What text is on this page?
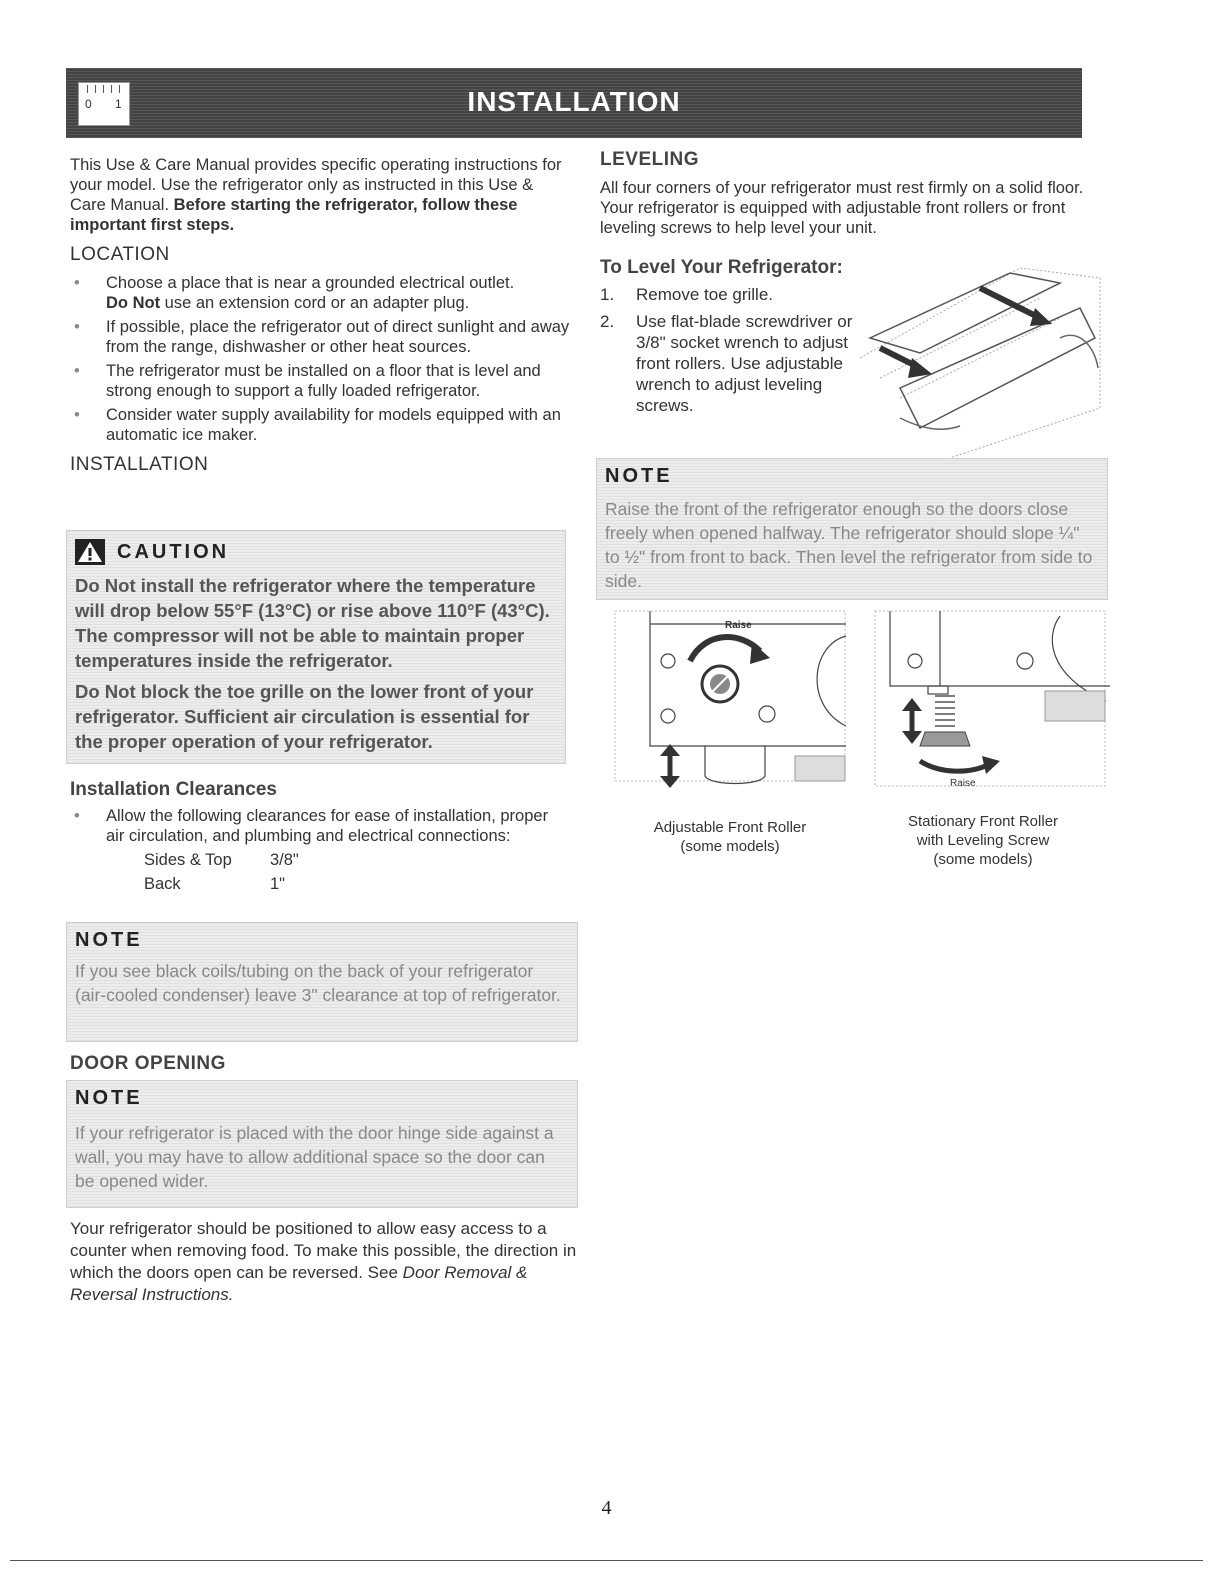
0 1	INSTALLATION

This Use & Care Manual provides specific operating instructions for your model. Use the refrigerator only as instructed in this Use & Care Manual. Before starting the refrigerator, follow these important first steps.

LOCATION
• Choose a place that is near a grounded electrical outlet.
Do Not use an extension cord or an adapter plug.
• If possible, place the refrigerator out of direct sunlight and away from the range, dishwasher or other heat sources.
• The refrigerator must be installed on a floor that is level and strong enough to support a fully loaded refrigerator.
• Consider water supply availability for models equipped with an automatic ice maker.
INSTALLATION
CAUTION
Do Not install the refrigerator where the temperature will drop below 55°F (13°C) or rise above 110°F (43°C). The compressor will not be able to maintain proper temperatures inside the refrigerator.
Do Not block the toe grille on the lower front of your refrigerator. Sufficient air circulation is essential for the proper operation of your refrigerator.
Installation Clearances
• Allow the following clearances for ease of installation, proper air circulation, and plumbing and electrical connections:
Sides & Top	3/8"
Back	1"
NOTE
If you see black coils/tubing on the back of your refrigerator (air-cooled condenser) leave 3" clearance at top of refrigerator.
DOOR OPENING
NOTE
If your refrigerator is placed with the door hinge side against a wall, you may have to allow additional space so the door can be opened wider.
Your refrigerator should be positioned to allow easy access to a counter when removing food. To make this possible, the direction in which the doors open can be reversed. See Door Removal & Reversal Instructions.
LEVELING

All four corners of your refrigerator must rest firmly on a solid floor. Your refrigerator is equipped with adjustable front rollers or front leveling screws to help level your unit.

To Level Your Refrigerator:
1. Remove toe grille.
2. Use flat-blade screwdriver or 3/8" socket wrench to adjust front rollers. Use adjustable wrench to adjust leveling screws.
NOTE
Raise the front of the refrigerator enough so the doors close freely when opened halfway. The refrigerator should slope ¼" to ½" from front to back. Then level the refrigerator from side to side.
Raise
Raise
Adjustable Front Roller
(some models)
Stationary Front Roller
with Leveling Screw
(some models)
4
